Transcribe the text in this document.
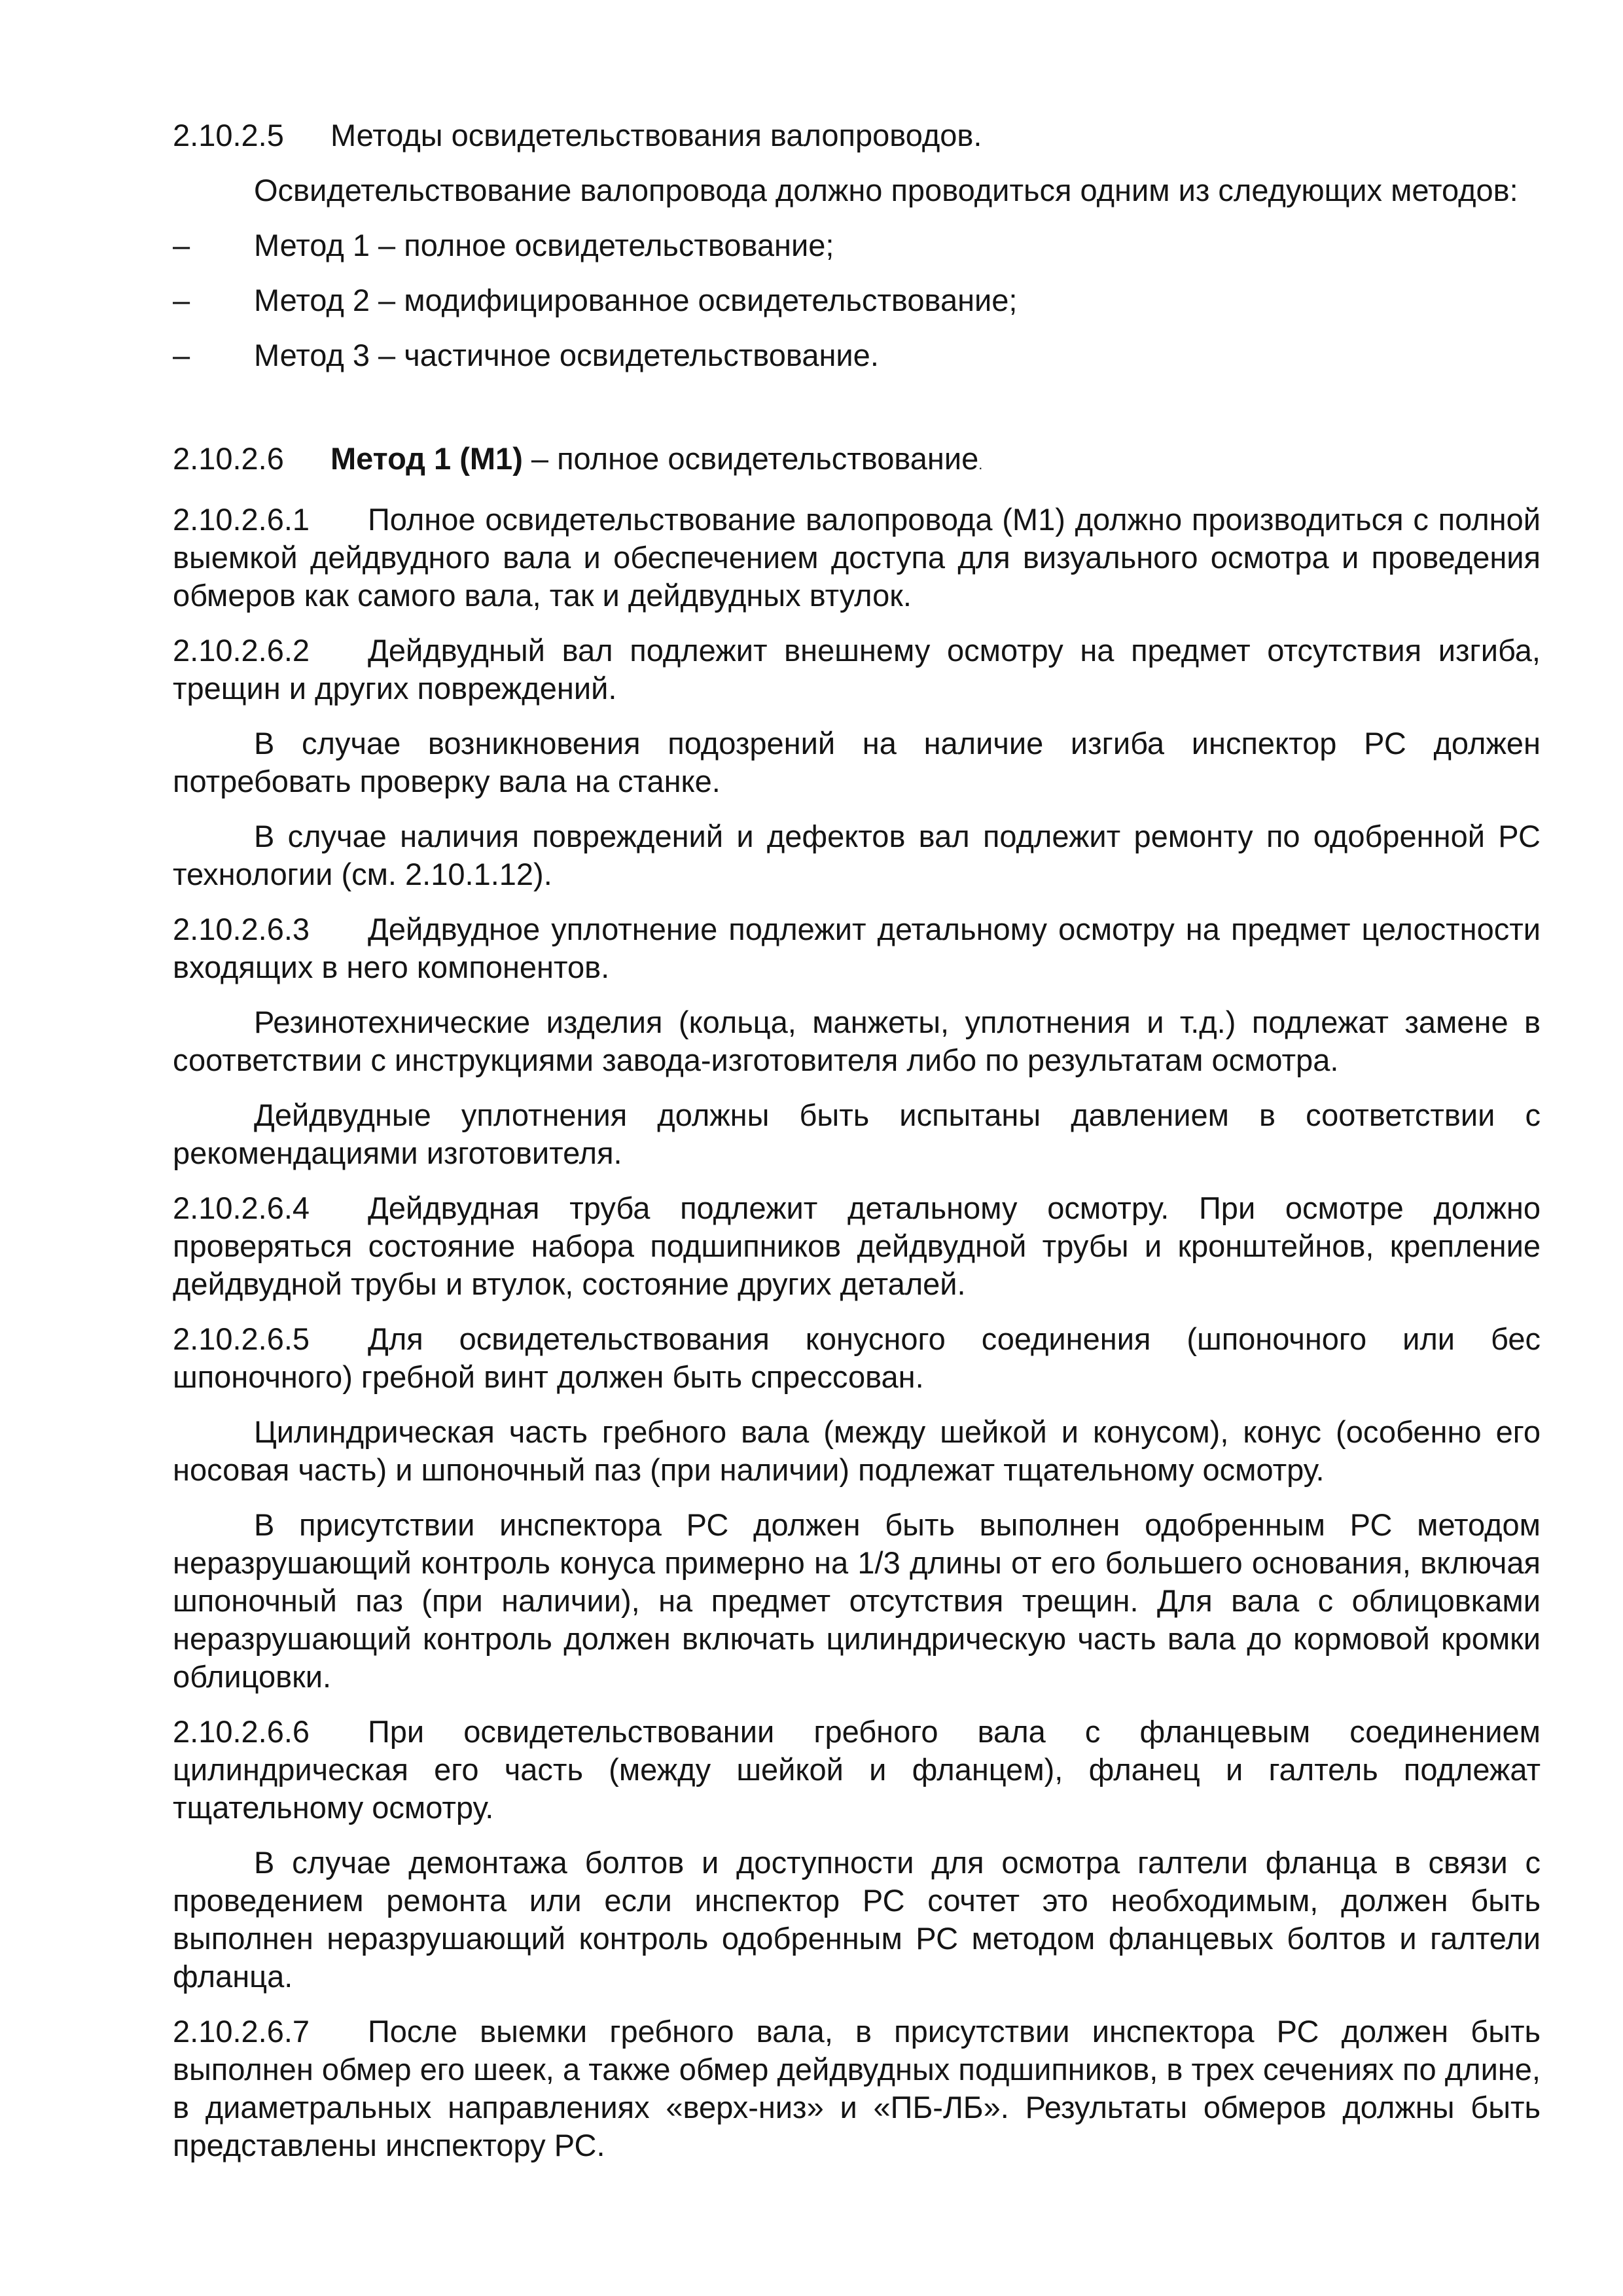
2.10.2.5 Методы освидетельствования валопроводов.

Освидетельствование валопровода должно проводиться одним из следующих методов:

–	Метод 1 – полное освидетельствование;
–	Метод 2 – модифицированное освидетельствование;
–	Метод 3 – частичное освидетельствование.

2.10.2.6 Метод 1 (М1) – полное освидетельствование.

2.10.2.6.1 Полное освидетельствование валопровода (М1) должно производиться с полной выемкой дейдвудного вала и обеспечением доступа для визуального осмотра и проведения обмеров как самого вала, так и дейдвудных втулок.

2.10.2.6.2 Дейдвудный вал подлежит внешнему осмотру на предмет отсутствия изгиба, трещин и других повреждений.

В случае возникновения подозрений на наличие изгиба инспектор РС должен потребовать проверку вала на станке.

В случае наличия повреждений и дефектов вал подлежит ремонту по одобренной РС технологии (см. 2.10.1.12).

2.10.2.6.3 Дейдвудное уплотнение подлежит детальному осмотру на предмет целостности входящих в него компонентов.

Резинотехнические изделия (кольца, манжеты, уплотнения и т.д.) подлежат замене в соответствии с инструкциями завода-изготовителя либо по результатам осмотра.

Дейдвудные уплотнения должны быть испытаны давлением в соответствии с рекомендациями изготовителя.

2.10.2.6.4 Дейдвудная труба подлежит детальному осмотру. При осмотре должно проверяться состояние набора подшипников дейдвудной трубы и кронштейнов, крепление дейдвудной трубы и втулок, состояние других деталей.

2.10.2.6.5 Для освидетельствования конусного соединения (шпоночного или бес шпоночного) гребной винт должен быть спрессован.

Цилиндрическая часть гребного вала (между шейкой и конусом), конус (особенно его носовая часть) и шпоночный паз (при наличии) подлежат тщательному осмотру.

В присутствии инспектора РС должен быть выполнен одобренным РС методом неразрушающий контроль конуса примерно на 1/3 длины от его большего основания, включая шпоночный паз (при наличии), на предмет отсутствия трещин. Для вала с облицовками неразрушающий контроль должен включать цилиндрическую часть вала до кормовой кромки облицовки.

2.10.2.6.6 При освидетельствовании гребного вала с фланцевым соединением цилиндрическая его часть (между шейкой и фланцем), фланец и галтель подлежат тщательному осмотру.

В случае демонтажа болтов и доступности для осмотра галтели фланца в связи с проведением ремонта или если инспектор РС сочтет это необходимым, должен быть выполнен неразрушающий контроль одобренным РС методом фланцевых болтов и галтели фланца.

2.10.2.6.7 После выемки гребного вала, в присутствии инспектора РС должен быть выполнен обмер его шеек, а также обмер дейдвудных подшипников, в трех сечениях по длине, в диаметральных направлениях «верх-низ» и «ПБ-ЛБ». Результаты обмеров должны быть представлены инспектору РС.
